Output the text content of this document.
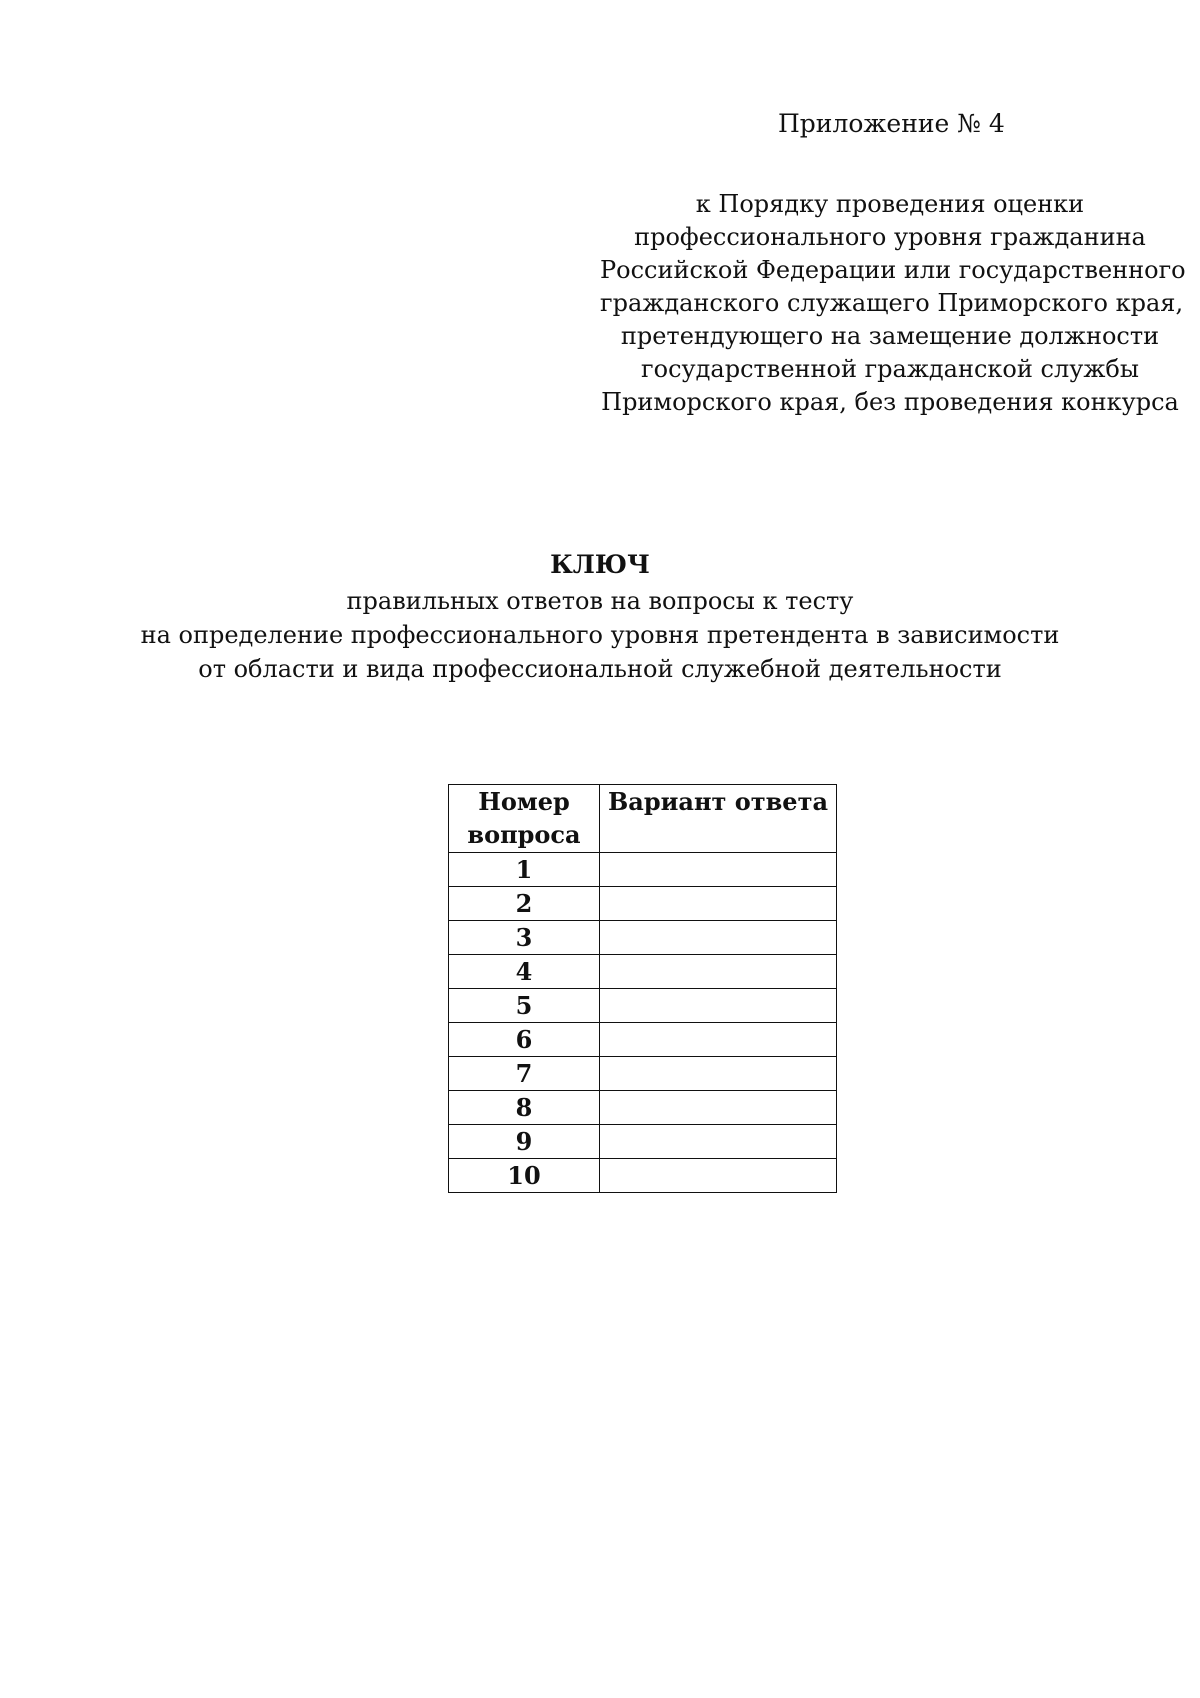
Приложение № 4
к Порядку проведения оценки
профессионального уровня гражданина
Российской Федерации или государственного
гражданского служащего Приморского края,
претендующего на замещение должности
государственной гражданской службы
Приморского края, без проведения конкурса
КЛЮЧ
правильных ответов на вопросы к тесту
на определение профессионального уровня претендента в зависимости
от области и вида профессиональной служебной деятельности
Номер
вопроса	Вариант ответа
1	
2	
3	
4	
5	
6	
7	
8	
9	
10	
